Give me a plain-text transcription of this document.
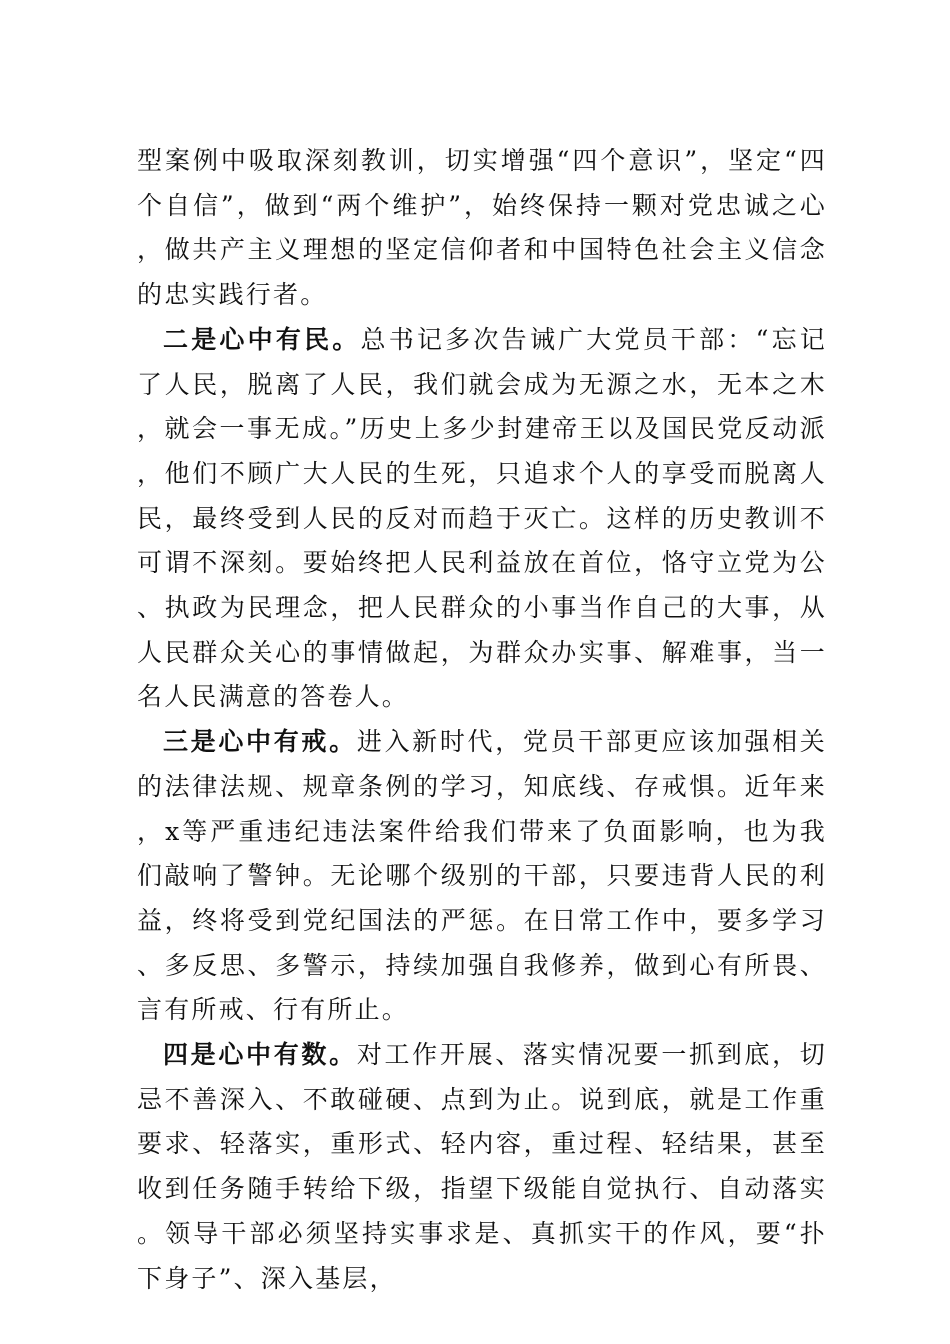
型案例中吸取深刻教训，切实增强“四个意识”，坚定“四个自信”，做到“两个维护”，始终保持一颗对党忠诚之心，做共产主义理想的坚定信仰者和中国特色社会主义信念的忠实践行者。

二是心中有民。总书记多次告诫广大党员干部：“忘记了人民，脱离了人民，我们就会成为无源之水，无本之木，就会一事无成。”历史上多少封建帝王以及国民党反动派，他们不顾广大人民的生死，只追求个人的享受而脱离人民，最终受到人民的反对而趋于灭亡。这样的历史教训不可谓不深刻。要始终把人民利益放在首位，恪守立党为公、执政为民理念，把人民群众的小事当作自己的大事，从人民群众关心的事情做起，为群众办实事、解难事，当一名人民满意的答卷人。

三是心中有戒。进入新时代，党员干部更应该加强相关的法律法规、规章条例的学习，知底线、存戒惧。近年来，x等严重违纪违法案件给我们带来了负面影响，也为我们敲响了警钟。无论哪个级别的干部，只要违背人民的利益，终将受到党纪国法的严惩。在日常工作中，要多学习、多反思、多警示，持续加强自我修养，做到心有所畏、言有所戒、行有所止。

四是心中有数。对工作开展、落实情况要一抓到底，切忌不善深入、不敢碰硬、点到为止。说到底，就是工作重要求、轻落实，重形式、轻内容，重过程、轻结果，甚至收到任务随手转给下级，指望下级能自觉执行、自动落实。领导干部必须坚持实事求是、真抓实干的作风，要“扑下身子”、深入基层，
